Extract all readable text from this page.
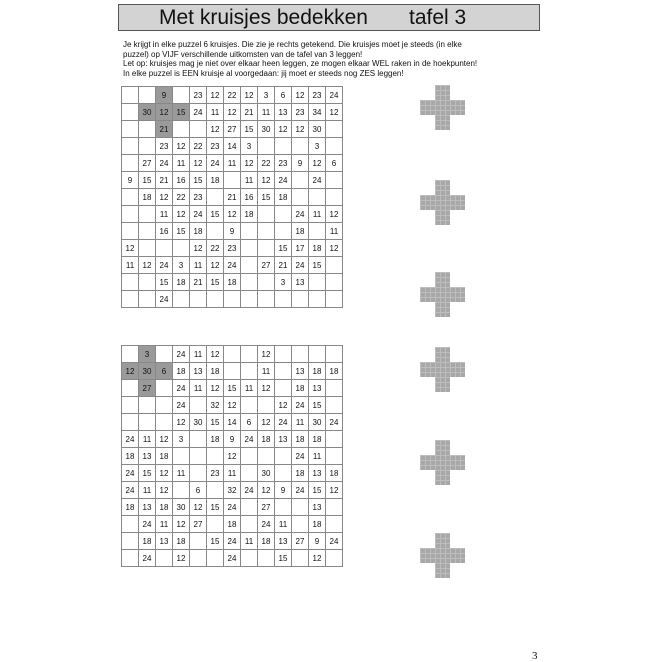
Met kruisjes bedekken tafel 3
Je krijgt in elke puzzel 6 kruisjes. Die zie je rechts getekend. Die kruisjes moet je steeds (in elke
puzzel) op VIJF verschillende uitkomsten van de tafel van 3 leggen!
Let op: kruisjes mag je niet over elkaar heen leggen, ze mogen elkaar WEL raken in de hoekpunten!
In elke puzzel is EEN kruisje al voorgedaan: jij moet er steeds nog ZES leggen!
		9		23	12	22	12	3	6	12	23	24
	30	12	15	24	11	12	21	11	13	23	34	12
		21			12	27	15	30	12	12	30	
		23	12	22	23	14	3				3	
	27	24	11	12	24	11	12	22	23	9	12	6
9	15	21	16	15	18		11	12	24		24	
	18	12	22	23		21	16	15	18			
		11	12	24	15	12	18			24	11	12
		16	15	18		9				18		11
12				12	22	23			15	17	18	12
11	12	24	3	11	12	24		27	21	24	15	
		15	18	21	15	18			3	13		
		24										
	3		24	11	12			12				
12	30	6	18	13	18			11		13	18	18
	27		24	11	12	15	11	12		18	13	
			24		32	12			12	24	15	
			12	30	15	14	6	12	24	11	30	24
24	11	12	3		18	9	24	18	13	18	18	
18	13	18				12				24	11	
24	15	12	11		23	11		30		18	13	18
24	11	12		6		32	24	12	9	24	15	12
18	13	18	30	12	15	24		27			13	
	24	11	12	27		18		24	11		18	
	18	13	18		15	24	11	18	13	27	9	24
	24		12			24			15		12	
3
